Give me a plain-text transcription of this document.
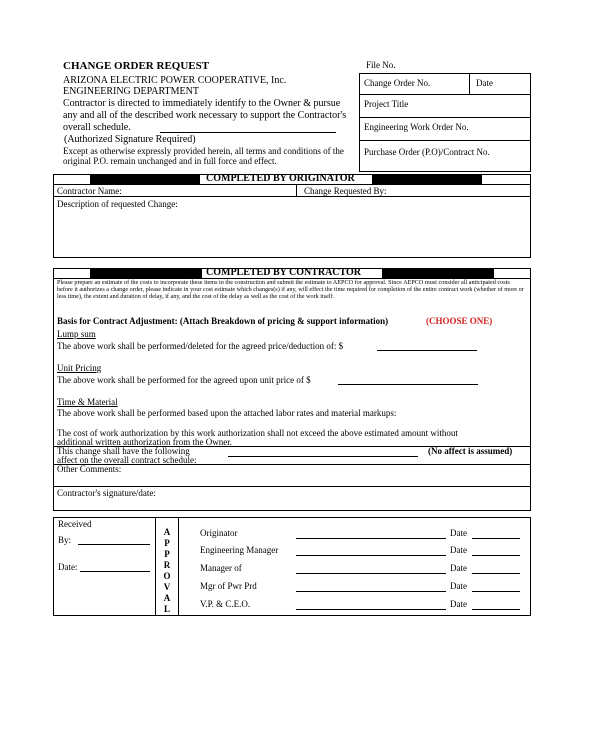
CHANGE ORDER REQUEST
ARIZONA ELECTRIC POWER COOPERATIVE, Inc.
ENGINEERING DEPARTMENT
Contractor is directed to immediately identify to the Owner & pursue
any and all of the described work necessary to support the Contractor's
overall schedule.
(Authorized Signature Required)
Except as otherwise expressly provided herein, all terms and conditions of the
original P.O. remain unchanged and in full force and effect.
File No.
Change Order No.	Date
Project Title
Engineering Work Order No.
Purchase Order (P.O)/Contract No.
COMPLETED BY ORIGINATOR
Contractor Name:	Change Requested By:
Description of requested Change:
COMPLETED BY CONTRACTOR
Please prepare an estimate of the costs to incorporate these items in the construction and submit the estimate to AEPCO for approval. Since AEPCO must consider all anticipated costs before it authorizes a change order, please indicate in your cost estimate which changes(s) if any, will effect the time required for completion of the entire contract work (whether of more or less time), the extent and duration of delay, if any, and the cost of the delay as well as the cost of the work itself.
Basis for Contract Adjustment: (Attach Breakdown of pricing & support information)	(CHOOSE ONE)
Lump sum
The above work shall be performed/deleted for the agreed price/deduction of: $
Unit Pricing
The above work shall be performed for the agreed upon unit price of $
Time & Material
The above work shall be performed based upon the attached labor rates and material markups:
The cost of work authorization by this work authorization shall not exceed the above estimated amount without
additional written authorization from the Owner.
This change shall have the following
affect on the overall contract schedule:
(No affect is assumed)
Other Comments:
Contractor's signature/date:
Received
By:
Date:
A
P
P
R
O
V
A
L
Originator	Date
Engineering Manager	Date
Manager of	Date
Mgr of Pwr Prd	Date
V.P. & C.E.O.	Date
